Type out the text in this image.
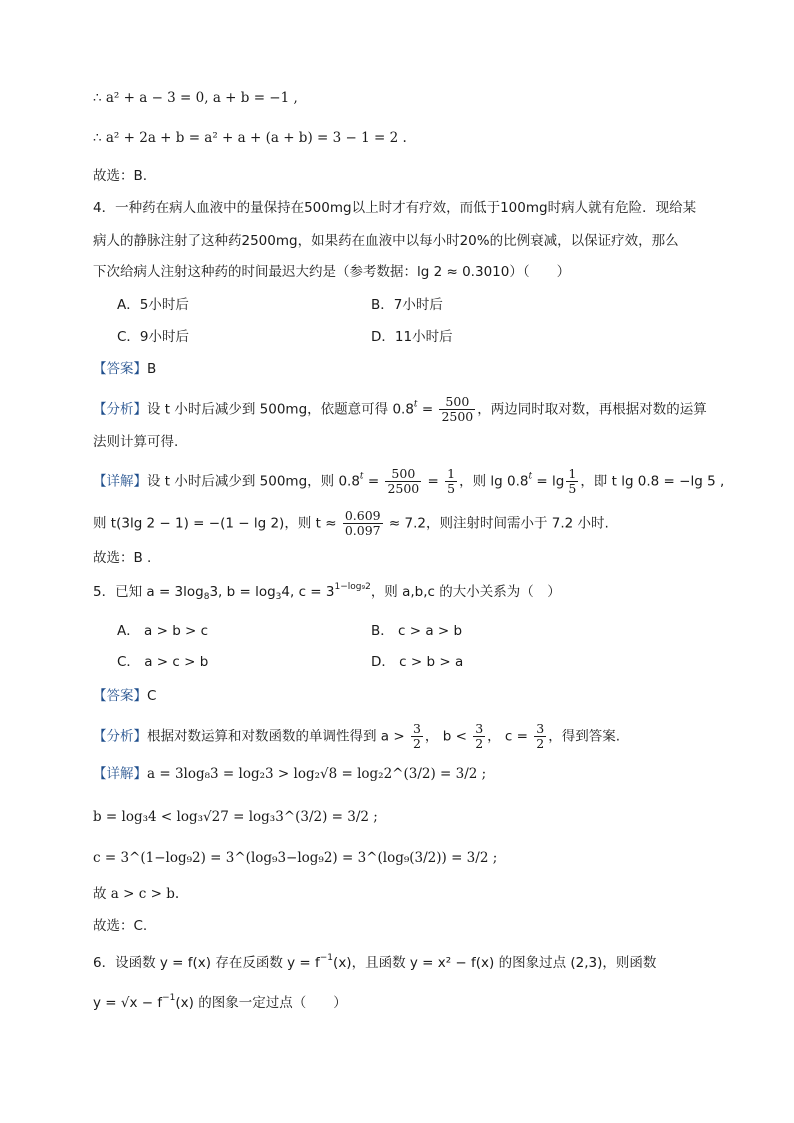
∴ a² + a − 3 = 0, a + b = −1 ,
∴ a² + 2a + b = a² + a + (a + b) = 3 − 1 = 2 .
故选：B.
4．一种药在病人血液中的量保持在500mg以上时才有疗效，而低于100mg时病人就有危险．现给某
病人的静脉注射了这种药2500mg，如果药在血液中以每小时20%的比例衰减，以保证疗效，那么
下次给病人注射这种药的时间最迟大约是（参考数据：lg 2 ≈ 0.3010）（　　）
A．5小时后	B．7小时后
C．9小时后	D．11小时后
【答案】B
【分析】设 t 小时后减少到 500mg，依题意可得 $0.8^t = \frac{500}{2500}$ ，两边同时取对数，再根据对数的运算
法则计算可得.
【详解】设 t 小时后减少到 500mg，则 $0.8^t = \frac{500}{2500} = \frac{1}{5}$ ，则 $\lg 0.8^t = \lg \frac{1}{5}$ ，即 t lg 0.8 = −lg 5 ,
则 t(3lg 2 − 1) = −(1 − lg 2)，则 $t \approx \frac{0.609}{0.097} \approx 7.2$，则注射时间需小于 7.2 小时.
故选：B .
5．已知 $a = 3\log_83$, $b = \log_34$, $c = 3^{1-log_92}$，则 a,b,c 的大小关系为（　）
A． a > b > c	B． c > a > b
C． a > c > b	D． c > b > a
【答案】C
【分析】根据对数运算和对数函数的单调性得到 $a > \frac{3}{2}$ ， $b < \frac{3}{2}$ ， $c = \frac{3}{2}$ ，得到答案.
【详解】a = 3log₈3 = log₂3 > log₂√8 = log₂2^(3/2) = 3/2 ;
b = log₃4 < log₃√27 = log₃3^(3/2) = 3/2 ;
c = 3^(1−log₉2) = 3^(log₉3−log₉2) = 3^(log₉(3/2)) = 3/2 ;
故 a > c > b.
故选：C.
6．设函数 y = f(x) 存在反函数 $y = f^{-1}(x)$，且函数 y = x² − f(x) 的图象过点 (2,3)，则函数
$y = √x - f^{-1}(x)$ 的图象一定过点（　　）
